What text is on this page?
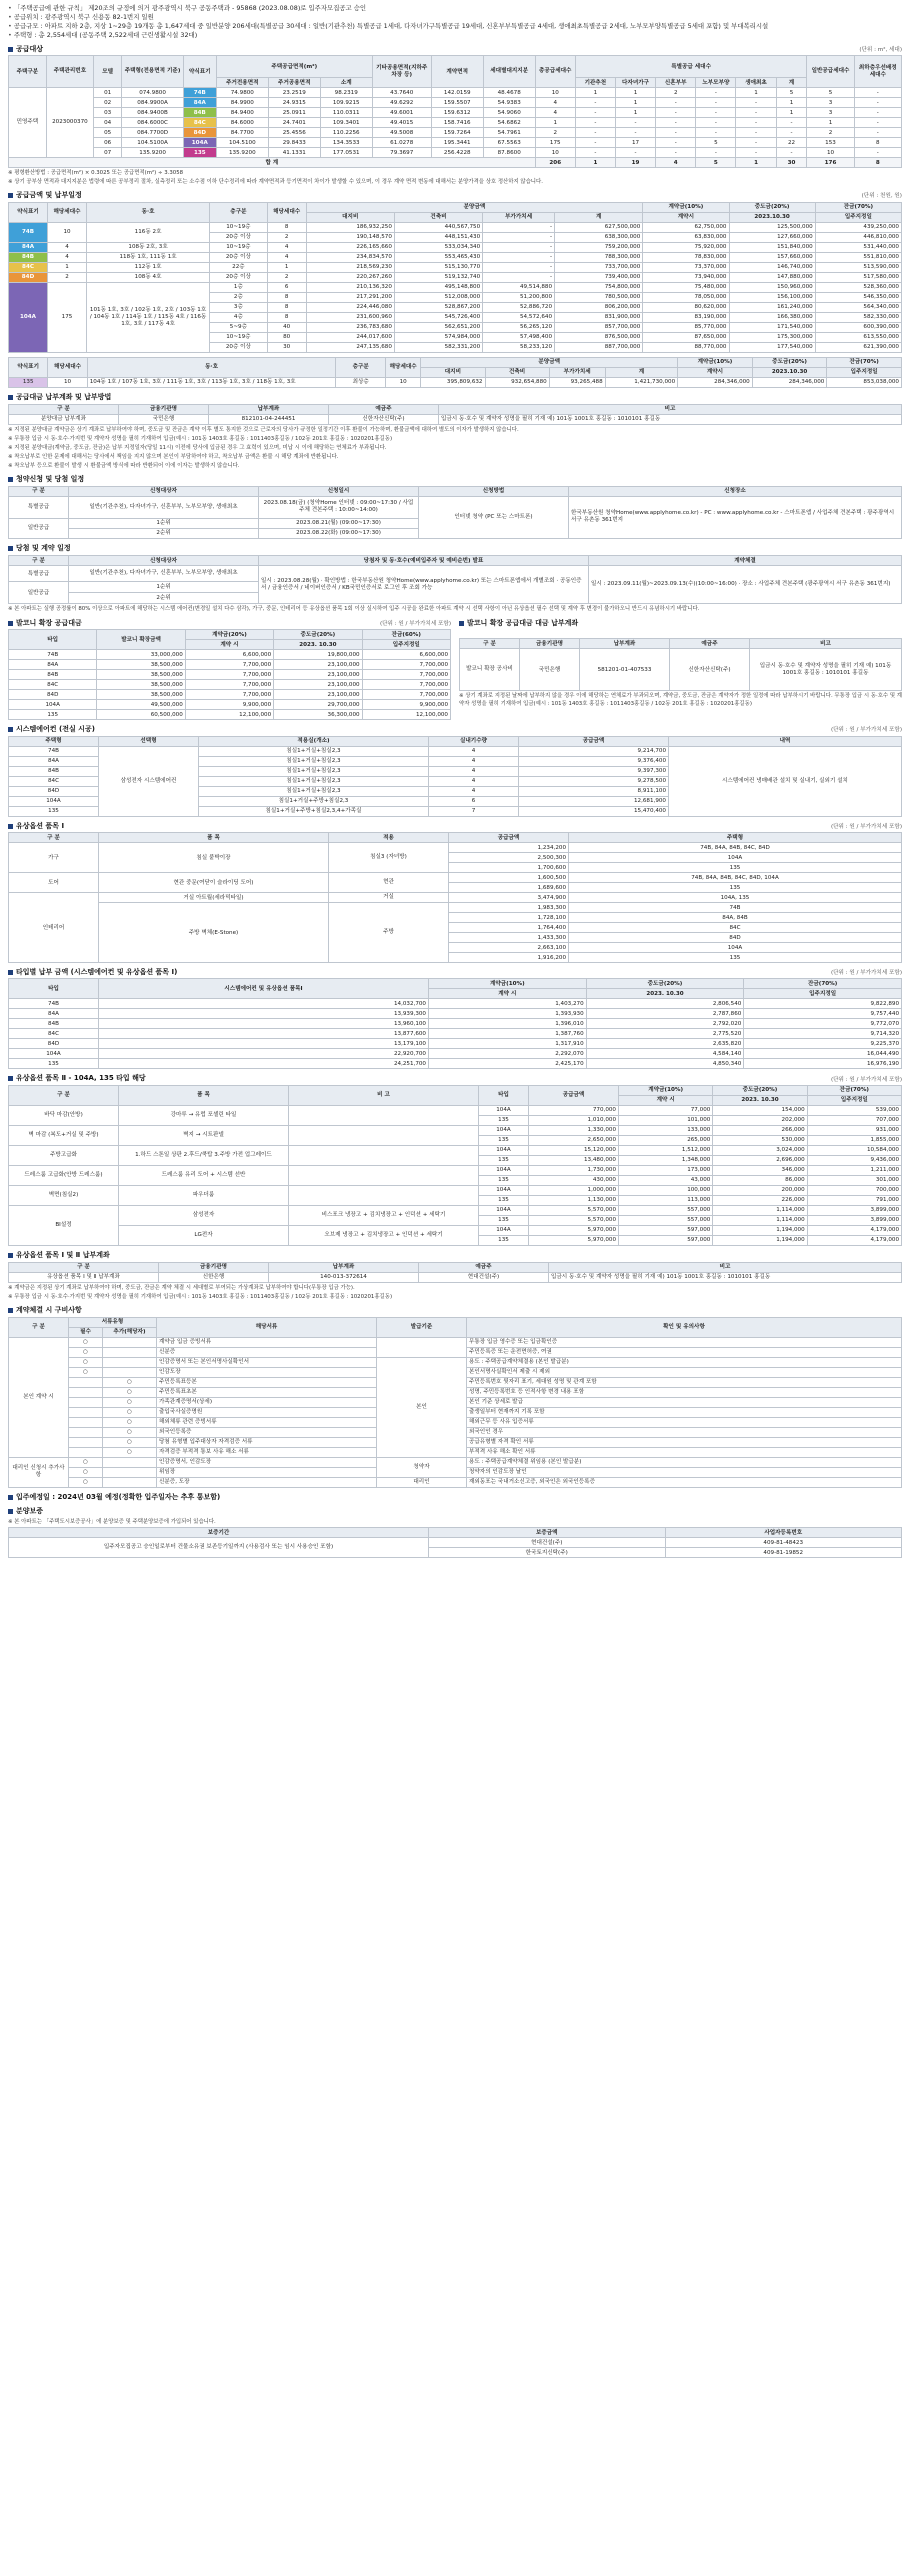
• 「주택공급에 관한 규칙」 제20조의 규정에 의거 광주광역시 북구 공동주택과 - 95868 (2023.08.08)로 입주자모집공고 승인
• 공급위치 : 광주광역시 북구 신용동 82-1번지 일원
• 공급규모 : 아파트 지하 2층, 지상 1~29층 19개동 총 1,647세대 중 일반분양 206세대(특별공급 30세대 : 일반(기관추천) 특별공급 1세대, 다자녀가구특별공급 19세대, 신혼부부특별공급 4세대, 생애최초특별공급 2세대, 노부모부양특별공급 5세대 포함) 및 부대복리시설
• 주택형 : 총 2,554세대 (공동주택 2,522세대 근린생활시설 32대)
공급대상	(단위 : m², 세대)
주택구분	주택관리번호	모델	주택형(전용면적 기준)	약식표기	주택공급면적(m²)			기타공용면적(지하주차장 등)	계약면적	세대별대지지분	총공급세대수	특별공급 세대수						일반공급세대수	최하층우선배정세대수
					주거전용면적	주거공용면적	소계					기관추천	다자녀가구	신혼부부	노부모부양	생애최초	계		
민영주택	2023000370	01	074.9800	74B	74.9800	23.2519	98.2319	43.7640	142.0159	48.4678	10	1	1	2	-	1	5	5	-
		02	084.9900A	84A	84.9900	24.9315	109.9215	49.6292	159.5507	54.9383	4	-	1	-	-	-	1	3	-
		03	084.9400B	84B	84.9400	25.0911	110.0311	49.6001	159.6312	54.9060	4	-	1	-	-	-	1	3	-
		04	084.6000C	84C	84.6000	24.7401	109.3401	49.4015	158.7416	54.6862	1	-	-	-	-	-	-	1	-
		05	084.7700D	84D	84.7700	25.4556	110.2256	49.5008	159.7264	54.7961	2	-	-	-	-	-	-	2	-
		06	104.5100A	104A	104.5100	29.8433	134.3533	61.0278	195.3441	67.5563	175	-	17	-	5	-	22	153	8
		07	135.9200	135	135.9200	41.1331	177.0531	79.3697	256.4228	87.8600	10	-	-	-	-	-	-	10	-
합 계											206	1	19	4	5	1	30	176	8
※ 평형환산방법 : 공급면적(m²) × 0.3025 또는 공급면적(m²) ÷ 3.3058
※ 상기 공부상 면적과 대지지분은 법령에 따른 공부정리 절차, 실측정리 또는 소수점 이하 단수정리에 따라 계약면적과 등기면적이 차이가 발생할 수 있으며, 이 경우 계약 면적 변동에 대해서는 분양가격을 상호 정산하지 않습니다.
공급금액 및 납부일정	(단위 : 천원, 원)
약식표기	해당세대수	동·호	층구분	해당세대수	분양금액				계약금(10%)	중도금(20%)	잔금(70%)
					대지비	건축비	부가가치세	계	계약시	2023.10.30	입주지정일
74B	10	116동 2호	10~19층	8	186,932,250	440,567,750	-	627,500,000	62,750,000	125,500,000	439,250,000
			20층 이상	2	190,148,570	448,151,430	-	638,300,000	63,830,000	127,660,000	446,810,000
84A	4	108동 2호, 3호	10~19층	4	226,165,660	533,034,340	-	759,200,000	75,920,000	151,840,000	531,440,000
84B	4	118동 1호, 111동 1호	20층 이상	4	234,834,570	553,465,430	-	788,300,000	78,830,000	157,660,000	551,810,000
84C	1	112동 1호	22층	1	218,569,230	515,130,770	-	733,700,000	73,370,000	146,740,000	513,590,000
84D	2	108동 4호	20층 이상	2	220,267,260	519,132,740	-	739,400,000	73,940,000	147,880,000	517,580,000
104A	175	101동 1호, 3호 / 102동 1호, 2호 / 103동 1호 / 104동 1호 / 114동 1호 / 115동 4호 / 116동 1호, 3호 / 117동 4호	1층	6	210,136,320	495,148,800	49,514,880	754,800,000	75,480,000	150,960,000	528,360,000
			2층	8	217,291,200	512,008,000	51,200,800	780,500,000	78,050,000	156,100,000	546,350,000
			3층	8	224,446,080	528,867,200	52,886,720	806,200,000	80,620,000	161,240,000	564,340,000
			4층	8	231,600,960	545,726,400	54,572,640	831,900,000	83,190,000	166,380,000	582,330,000
			5~9층	40	236,783,680	562,651,200	56,265,120	857,700,000	85,770,000	171,540,000	600,390,000
			10~19층	80	244,017,600	574,984,000	57,498,400	876,500,000	87,650,000	175,300,000	613,550,000
			20층 이상	30	247,135,680	582,331,200	58,233,120	887,700,000	88,770,000	177,540,000	621,390,000
약식표기	해당세대수	동·호	층구분	해당세대수	분양금액				계약금(10%)	중도금(20%)	잔금(70%)
					대지비	건축비	부가가치세	계	계약시	2023.10.30	입주지정일
135	10	104동 1호 / 107동 1호, 3호 / 111동 1호, 3호 / 113동 1호, 3호 / 118동 1호, 3호	최상층	10	395,809,632	932,654,880	93,265,488	1,421,730,000	284,346,000	284,346,000	853,038,000
공급대금 납부계좌 및 납부방법
구 분	금융기관명	납부계좌	예금주	비고
분양대금 납부계좌	국민은행	812101-04-244451	신한자산신탁(주)	입금시 동·호수 및 계약자 성명을 필히 기재 예) 101동 1001호 홍길동 : 1010101 홍길동
※ 지정된 분양대금 계약금은 상기 계좌로 납부하여야 하며, 중도금 및 잔금은 계약 이후 별도 통지한 것으로 근로자의 당사가 규정한 일정기간 이후 환불이 가능하며, 환불금액에 대하여 별도의 이자가 발생하지 않습니다.
※ 무통장 입금 시 동·호수·가지번 및 계약자 성명을 필히 기재하여 입금(예시 : 101동 1403호 홍길동 : 1011403홍길동 / 102동 201호 홍길동 : 1020201홍길동)
※ 지정된 분양대금(계약금, 중도금, 잔금)은 납부 지정일자(당일 11시) 이전에 당사에 입금된 경우 그 효력이 있으며, 미납 시 이에 해당하는 연체료가 부과됩니다.
※ 착오납부로 인한 문제에 대해서는 당사에서 책임을 지지 않으며 본인이 부담하여야 하고, 착오납부 금액은 환불 시 해당 계좌에 반환됩니다.
※ 착오납부 등으로 환불이 발생 시 환불금액 방식에 따라 반환되어 이에 이자는 발생하지 않습니다.
청약신청 및 당첨 일정
구 분	신청대상자	신청일시	신청방법	신청장소
특별공급	일반(기관추천), 다자녀가구, 신혼부부, 노부모부양, 생애최초	2023.08.18(금) (청약Home 인터넷 : 09:00~17:30 / 사업주체 견본주택 : 10:00~14:00)	인터넷 청약 (PC 또는 스마트폰)	한국부동산원 청약Home(www.applyhome.co.kr) - PC : www.applyhome.co.kr - 스마트폰앱 / 사업주체 견본주택 : 광주광역시 서구 유촌동 361번지
일반공급	1순위	2023.08.21(월) (09:00~17:30)		
	2순위	2023.08.22(화) (09:00~17:30)		
당첨 및 계약 일정
구 분	신청대상자	당첨자 및 동·호수(예비입주자 및 예비순번) 발표	계약체결
특별공급	일반(기관추천), 다자녀가구, 신혼부부, 노부모부양, 생애최초	일시 : 2023.08.28(월) · 확인방법 : 한국부동산원 청약Home(www.applyhome.co.kr) 또는 스마트폰앱에서 개별조회 · 공동인증서 / 금융인증서 / 네이버인증서 / KB국민인증서로 로그인 후 조회 가능	일시 : 2023.09.11(월)~2023.09.13(수)(10:00~16:00) · 장소 : 사업주체 견본주택 (광주광역시 서구 유촌동 361번지)
일반공급	1순위		
	2순위		
※ 본 아파트는 실행 공정률이 80% 이상으로 아파트에 해당하는 시스템 에어컨(변경일 설치 다수 삼각), 가구, 중문, 인테리어 등 유상옵션 품목 1회 이상 실시하여 입주 시공을 완료한 아파트 계약 시 선택 사항이 아닌 유상옵션 필수 선택 및 계약 후 변경이 불가하오니 반드시 유념하시기 바랍니다.
발코니 확장 공급대금	(단위 : 원 / 부가가치세 포함)
타입	발코니 확장금액	계약금(20%)	중도금(20%)	잔금(60%)
		계약 시	2023. 10.30	입주지정일
74B	33,000,000	6,600,000	19,800,000	6,600,000
84A	38,500,000	7,700,000	23,100,000	7,700,000
84B	38,500,000	7,700,000	23,100,000	7,700,000
84C	38,500,000	7,700,000	23,100,000	7,700,000
84D	38,500,000	7,700,000	23,100,000	7,700,000
104A	49,500,000	9,900,000	29,700,000	9,900,000
135	60,500,000	12,100,000	36,300,000	12,100,000
발코니 확장 공급대금 대금 납부계좌

구 분	금융기관명	납부계좌	예금주	비고
발코니 확장 공사비	국민은행	581201-01-407533	신한자산신탁(주)	입금시 동·호수 및 계약자 성명을 필히 기재 예) 101동 1001호 홍길동 : 1010101 홍길동
※ 상기 계좌로 지정된 날짜에 납부하지 않을 경우 이에 해당하는 연체료가 부과되오며, 계약금, 중도금, 잔금은 계약자가 정한 일정에 따라 납부하시기 바랍니다. 무통장 입금 시 동·호수 및 계약자 성명을 필히 기재하여 입금(예시 : 101동 1403호 홍길동 : 1011403홍길동 / 102동 201호 홍길동 : 1020201홍길동)
시스템에어컨 (전실 시공)	(단위 : 원 / 부가가치세 포함)
주택형	선택형	적용실(개소)	실내기수량	공급금액	내역
74B	삼성전자 시스템에어컨	침실1+거실+침실2,3	4	9,214,700	시스템에어컨 냉매배관 설치 및 실내기, 실외기 설치
84A		침실1+거실+침실2,3	4	9,376,400	
84B		침실1+거실+침실2,3	4	9,397,300	
84C		침실1+거실+침실2,3	4	9,278,500	
84D		침실1+거실+침실2,3	4	8,911,100	
104A		침실1+거실+주방+침실2,3	6	12,681,900	
135		침실1+거실+주방+침실2,3,4+가족실	7	15,470,400	
유상옵션 품목 Ⅰ	(단위 : 원 / 부가가치세 포함)
구 분	품 목	적용	공급금액	주택형
가구	침실 붙박이장	침실3 (자녀방)	1,234,200	74B, 84A, 84B, 84C, 84D
			2,500,300	104A
			1,700,600	135
도어	현관 중문(여닫이 슬라이딩 도어)	현관	1,600,500	74B, 84A, 84B, 84C, 84D, 104A
			1,689,600	135
인테리어	거실 아트월(세라믹타일)	거실	3,474,900	104A, 135
	주방 벽체(E-Stone)	주방	1,983,300	74B
			1,728,100	84A, 84B
			1,764,400	84C
			1,433,300	84D
			2,663,100	104A
			1,916,200	135
타입별 납부 금액 (시스템에어컨 및 유상옵션 품목 Ⅰ)	(단위 : 원 / 부가가치세 포함)
타입	시스템에어컨 및 유상옵션 품목Ⅰ	계약금(10%)	중도금(20%)	잔금(70%)
		계약 시	2023. 10.30	입주지정일
74B	14,032,700	1,403,270	2,806,540	9,822,890
84A	13,939,300	1,393,930	2,787,860	9,757,440
84B	13,960,100	1,396,010	2,792,020	9,772,070
84C	13,877,600	1,387,760	2,775,520	9,714,320
84D	13,179,100	1,317,910	2,635,820	9,225,370
104A	22,920,700	2,292,070	4,584,140	16,044,490
135	24,251,700	2,425,170	4,850,340	16,976,190
유상옵션 품목 Ⅱ - 104A, 135 타입 해당	(단위 : 원 / 부가가치세 포함)
구 분	품 목	비 고	타입	공급금액	계약금(10%)	중도금(20%)	잔금(70%)
					계약 시	2023. 10.30	입주지정일
바닥 마감(안방)	강마루 → 유럽 포셀린 타일		104A	770,000	77,000	154,000	539,000
			135	1,010,000	101,000	202,000	707,000
벽 마감 (복도+거실 및 주방)	벽지 → 시트판넬		104A	1,330,000	133,000	266,000	931,000
			135	2,650,000	265,000	530,000	1,855,000
주방고급화	1.하드 스톤일 상판 2.후드/쿡탑 3.주방 가전 업그레이드		104A	15,120,000	1,512,000	3,024,000	10,584,000
			135	13,480,000	1,348,000	2,696,000	9,436,000
드레스룸 고급화(안방 드레스룸)	드레스룸 유리 도어 + 시스템 선반		104A	1,730,000	173,000	346,000	1,211,000
			135	430,000	43,000	86,000	301,000
벽면(침실2)	파우더룸		104A	1,000,000	100,000	200,000	700,000
			135	1,130,000	113,000	226,000	791,000
BI설정	삼성전자	비스포크 냉장고 + 김치냉장고 + 인덕션 + 세탁기	104A	5,570,000	557,000	1,114,000	3,899,000
			135	5,570,000	557,000	1,114,000	3,899,000
	LG전자	오브제 냉장고 + 김치냉장고 + 인덕션 + 세탁기	104A	5,970,000	597,000	1,194,000	4,179,000
			135	5,970,000	597,000	1,194,000	4,179,000
유상옵션 품목 Ⅰ 및 Ⅱ 납부계좌
구 분	금융기관명	납부계좌	예금주	비고
유상옵션 품목 Ⅰ 및 Ⅱ 납부계좌	신한은행	140-013-372614	현대건설(주)	입금시 동·호수 및 계약자 성명을 필히 기재 예) 101동 1001호 홍길동 : 1010101 홍길동
※ 계약금은 지정된 상기 계좌로 납부하여야 하며, 중도금, 잔금은 계약 체결 시 세대별로 부여되는 가상계좌로 납부하여야 합니다(무통장 입금 가능).
※ 무통장 입금 시 동·호수·가지번 및 계약자 성명을 필히 기재하여 입금(예시 : 101동 1403호 홍길동 : 1011403홍길동 / 102동 201호 홍길동 : 1020201홍길동)
계약체결 시 구비사항
구 분	서류유형		해당서류	발급기준	확인 및 유의사항
	필수	추가(해당자)			
본인 계약 시	○		계약금 입금 증빙서류		무통장 입금 영수증 또는 입금확인증
	○		신분증		주민등록증 또는 운전면허증, 여권
	○		인감증명서 또는 본인서명사실확인서	본인	용도 : 주택공급계약체결용 (본인 발급분)
	○		인감도장		본인서명사실확인서 제출 시 제외
		○	주민등록표등본		주민등록번호 뒷자리 표기, 세대원 성명 및 관계 포함
		○	주민등록표초본		성명, 주민등록번호 등 인적사항 변경 내용 포함
		○	가족관계증명서(상세)		본인 기준 상세로 발급
		○	출입국사실증명원		출생일부터 현재까지 기록 포함
		○	해외체류 관련 증빙서류		해외근무 등 사유 입증서류
		○	외국인등록증		외국인인 경우
		○	당첨 유형별 입주대상자 자격검증 서류		공급유형별 자격 확인 서류
		○	자격검증 부적격 통보 사유 해소 서류		부적격 사유 해소 확인 서류
대리인 신청시 추가사항	○		인감증명서, 인감도장	청약자	용도 : 주택공급계약체결 위임용 (본인 발급분)
	○		위임장		청약자의 인감도장 날인
	○		신분증, 도장	대리인	재외동포는 국내거소신고증, 외국인은 외국인등록증
입주예정일 : 2024년 03월 예정(정확한 입주일자는 추후 통보함)
분양보증
※ 본 아파트는 「주택도시보증공사」에 분양보증 및 주택분양보증에 가입되어 있습니다.
보증기간	보증금액	사업자등록번호
입주자모집공고 승인일로부터 건물소유권 보존등기일까지 (사용검사 또는 임시 사용승인 포함)	현대건설(주)	409-81-48423
	한국토지신탁(주)	409-81-19852
